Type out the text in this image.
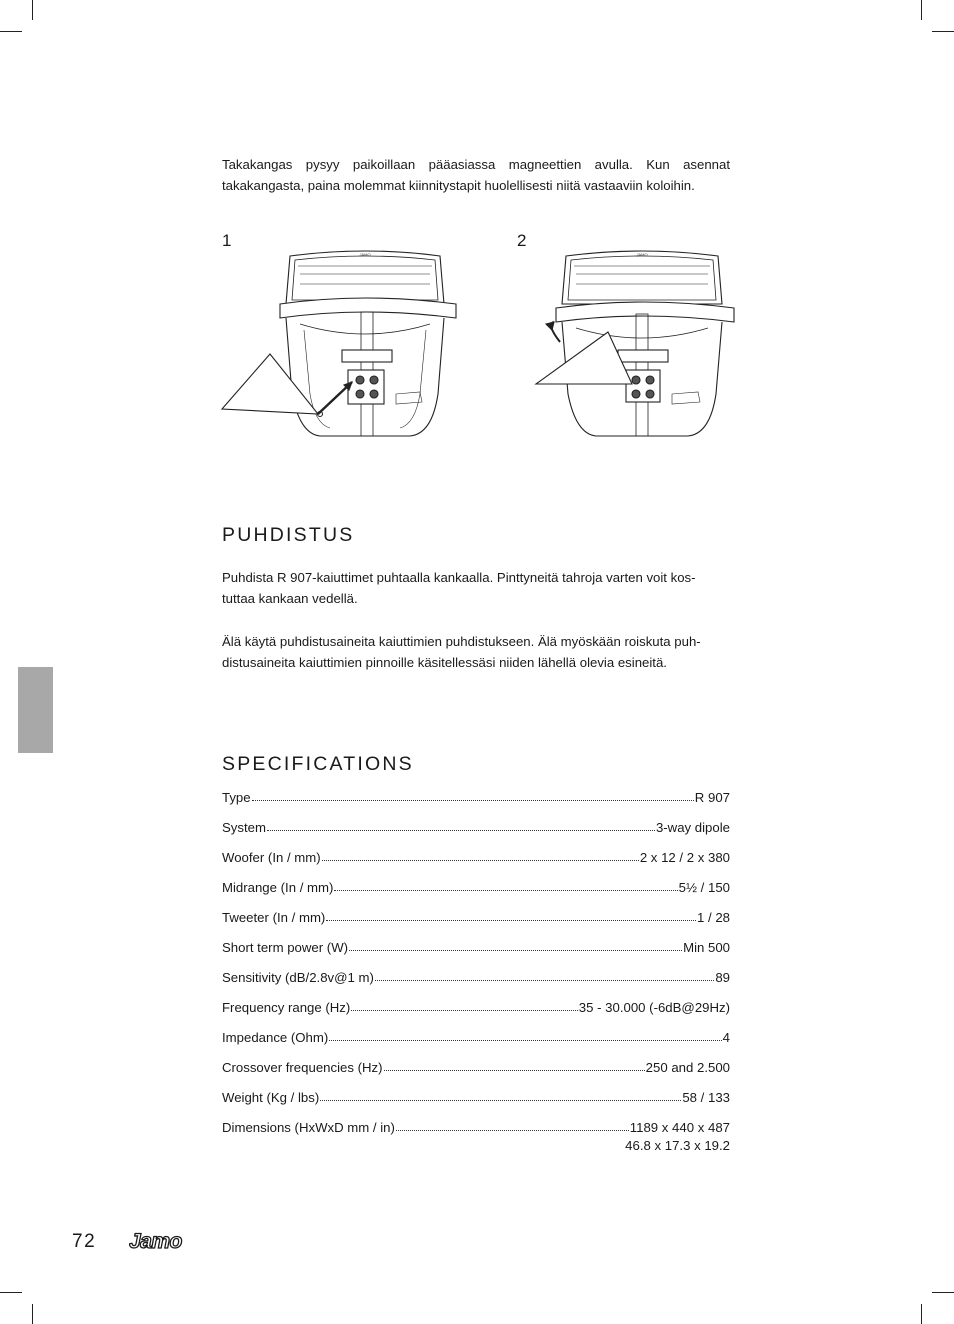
Takakangas pysyy paikoillaan pääasiassa magneettien avulla. Kun asennat takakangasta, paina molemmat kiinnitystapit huolellisesti niitä vastaaviin koloihin.

1
JAMO
2
JAMO
PUHDISTUS

Puhdista R 907-kaiuttimet puhtaalla kankaalla. Pinttyneitä tahroja varten voit kos-
tuttaa kankaan vedellä.

Älä käytä puhdistusaineita kaiuttimien puhdistukseen. Älä myöskään roiskuta puh-
distusaineita kaiuttimien pinnoille käsitellessäsi niiden lähellä olevia esineitä.

SPECIFICATIONS
Type	R 907
System	3-way dipole
Woofer (In / mm)	2 x 12 / 2 x 380
Midrange (In / mm)	5½ / 150
Tweeter (In / mm)	1 / 28
Short term power (W)	Min 500
Sensitivity (dB/2.8v@1 m)	89
Frequency range (Hz)	35 - 30.000 (-6dB@29Hz)
Impedance (Ohm)	4
Crossover frequencies (Hz)	250 and 2.500
Weight (Kg / lbs)	58 / 133
Dimensions (HxWxD mm / in)	1189 x 440 x 487
46.8 x 17.3 x 19.2
72 Jamo
